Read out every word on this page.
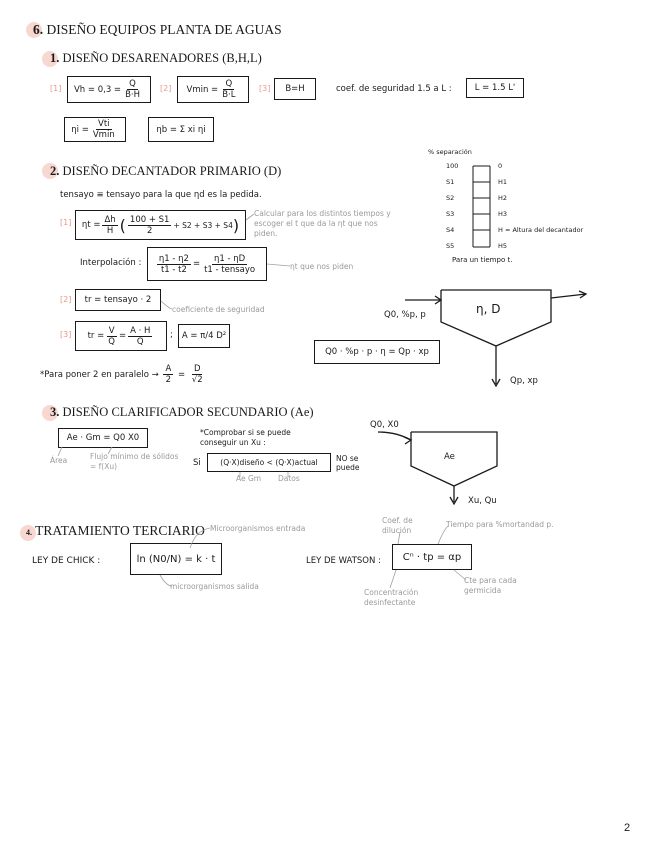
6. DISEÑO EQUIPOS PLANTA DE AGUAS
1. DISEÑO DESARENADORES (B,H,L)
[1] $Vh = 0,3 = \frac{Q}{B\cdot H}$	$Vmin = \frac{Q}{B\cdot L}$
[2]	[3]	B=H	coef. de seguridad 1.5 a L :	L = 1.5 L'
$\eta i = \frac{\text{Vti}}{Vmin}$	ηb = Σ xi ηi
2. DISEÑO DECANTADOR PRIMARIO (D)
tensayo ≡ tensayo para la que ηd es la pedida.
[1] $\eta t = \frac{\Delta h}{H}$ ( $\frac{100 + S1}{2} + S2 + S3 + S4$ )
Calcular para los distintos tiempos y escoger el t que da la ηt que nos piden.
Interpolación : $\frac{\eta 1 - \eta 2}{t1 - t2} = \frac{\eta 1 - \eta D}{\text{t1 - tensayo}}$	ηt que nos piden
[2]	tr = tensayo · 2
coeficiente de seguridad
[3] tr = $\frac{V}{Q} = \frac{A \cdot H}{Q}$ ;	A = π/4 D²
*Para poner 2 en paralelo → $\frac{A}{2} = \frac{D}{√2}$
% separación
100	0
S1	H1
S2	H2
S3	H3
S4	H = Altura del decantador
S5	H5
Para un tiempo t.
Q0, %p, p	η, D
Qp, xp
Q0 · %p · p · η = Qp · xp
3. DISEÑO CLARIFICADOR SECUNDARIO (Ae)
Ae · Gm = Q0 X0
Área	Flujo mínimo de sólidos = f(Xu)
*Comprobar si se puede conseguir un Xu :
Si	(Q·X)diseño < (Q·X)actual	NO se puede
Ae Gm Datos
Q0, X0
Ae
Xu, Qu
4. TRATAMIENTO TERCIARIO Microorganismos entrada
LEY DE CHICK :	ln (N0/N) = k · t
microorganismos salida
LEY DE WATSON :	Cⁿ · tp = αp
Coef. de dilución
Tiempo para %mortandad p.
Concentración desinfectante
Cte para cada germicida
2
